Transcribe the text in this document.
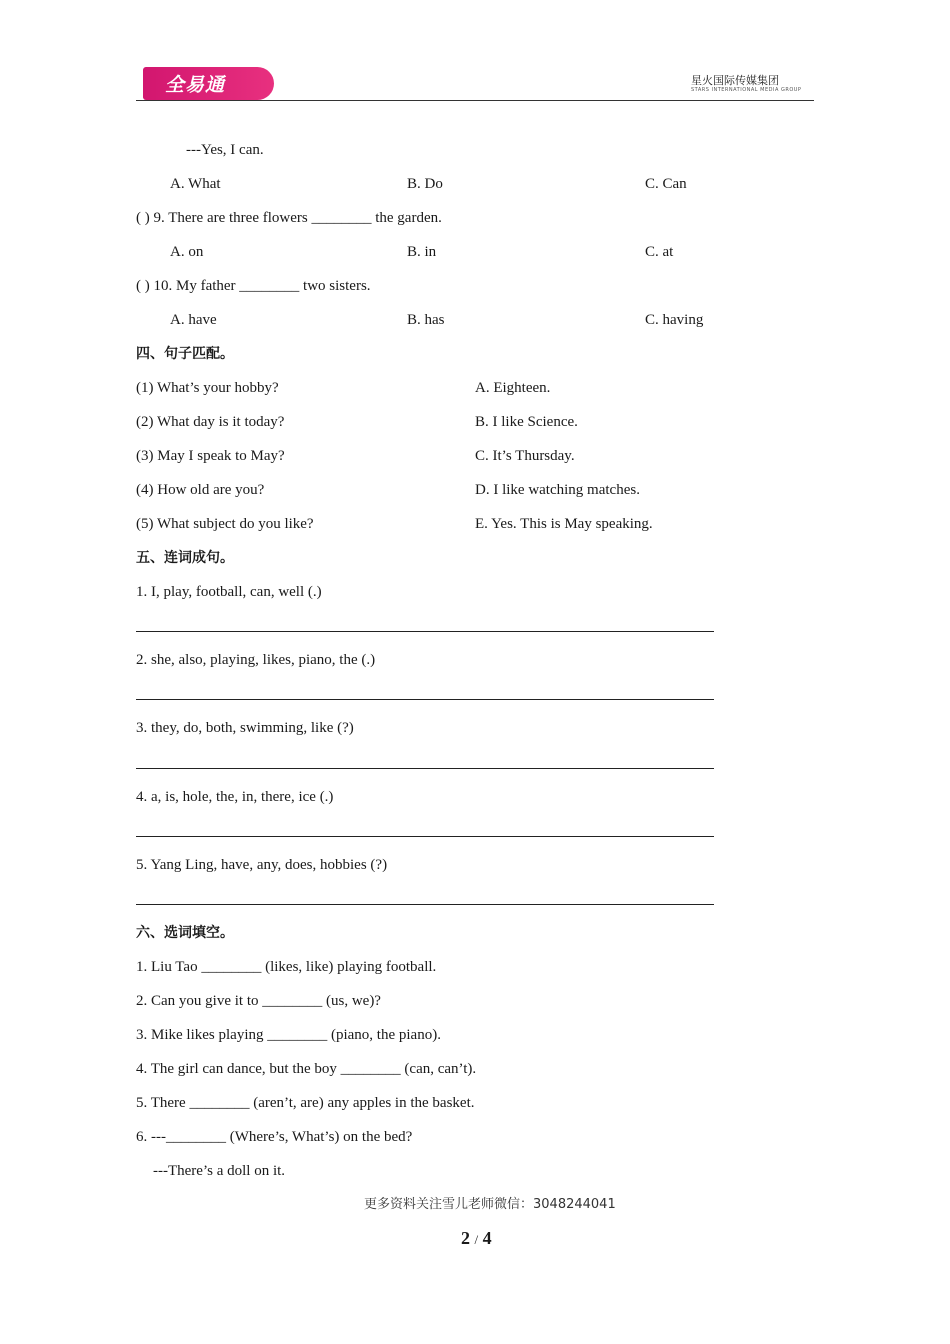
全易通	星火国际传媒集团
STARS INTERNATIONAL MEDIA GROUP
---Yes, I can.
A. What	B. Do	C. Can
( ) 9. There are three flowers ________ the garden.
A. on	B. in	C. at
( ) 10. My father ________ two sisters.
A. have	B. has	C. having
四、句子匹配。
(1) What’s your hobby?	A. Eighteen.
(2) What day is it today?	B. I like Science.
(3) May I speak to May?	C. It’s Thursday.
(4) How old are you?	D. I like watching matches.
(5) What subject do you like?	E. Yes. This is May speaking.
五、连词成句。
1. I, play, football, can, well (.)
2. she, also, playing, likes, piano, the (.)
3. they, do, both, swimming, like (?)
4. a, is, hole, the, in, there, ice (.)
5. Yang Ling, have, any, does, hobbies (?)
六、选词填空。
1. Liu Tao ________ (likes, like) playing football.
2. Can you give it to ________ (us, we)?
3. Mike likes playing ________ (piano, the piano).
4. The girl can dance, but the boy ________ (can, can’t).
5. There ________ (aren’t, are) any apples in the basket.
6. ---________ (Where’s, What’s) on the bed?
---There’s a doll on it.
更多资料关注雪儿老师微信：3048244041
2 / 4
